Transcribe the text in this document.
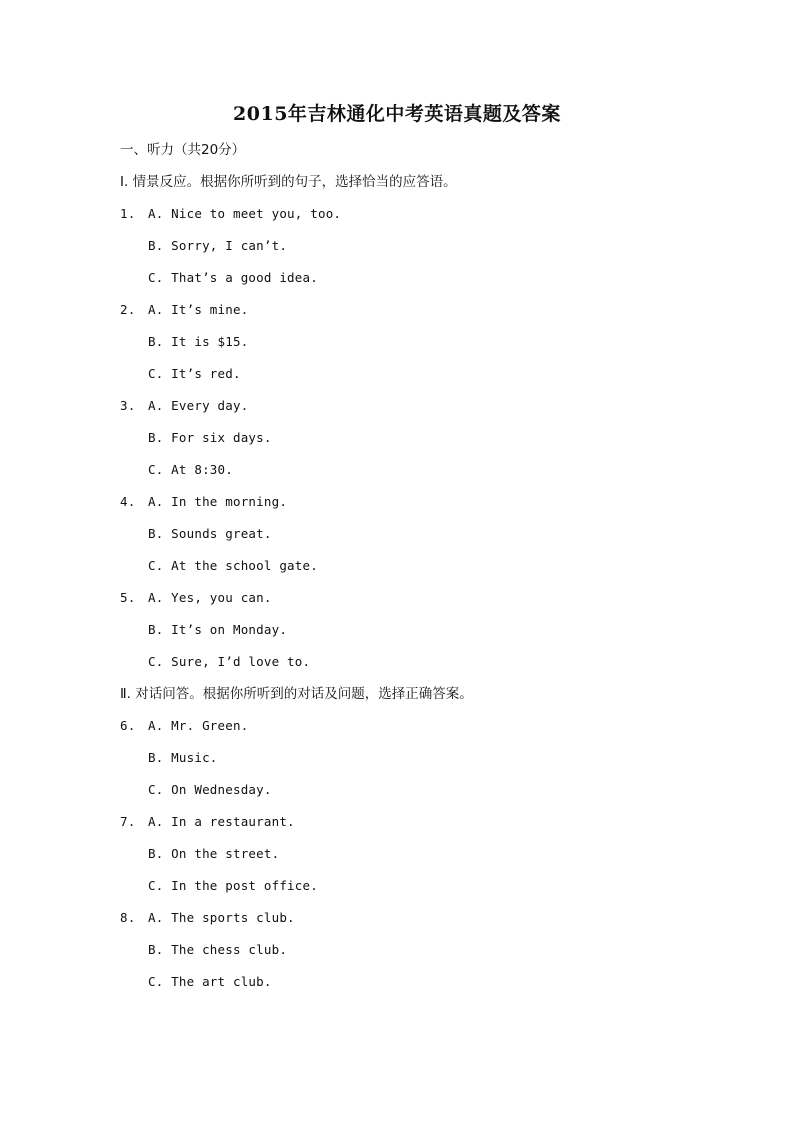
2015年吉林通化中考英语真题及答案
一、听力（共20分）
Ⅰ. 情景反应。根据你所听到的句子，选择恰当的应答语。
1. A. Nice to meet you, too.
B. Sorry, I can’t.
C. That’s a good idea.
2. A. It’s mine.
B. It is $15.
C. It’s red.
3. A. Every day.
B. For six days.
C. At 8:30.
4. A. In the morning.
B. Sounds great.
C. At the school gate.
5. A. Yes, you can.
B. It’s on Monday.
C. Sure, I’d love to.
Ⅱ. 对话问答。根据你所听到的对话及问题，选择正确答案。
6. A. Mr. Green.
B. Music.
C. On Wednesday.
7. A. In a restaurant.
B. On the street.
C. In the post office.
8. A. The sports club.
B. The chess club.
C. The art club.
